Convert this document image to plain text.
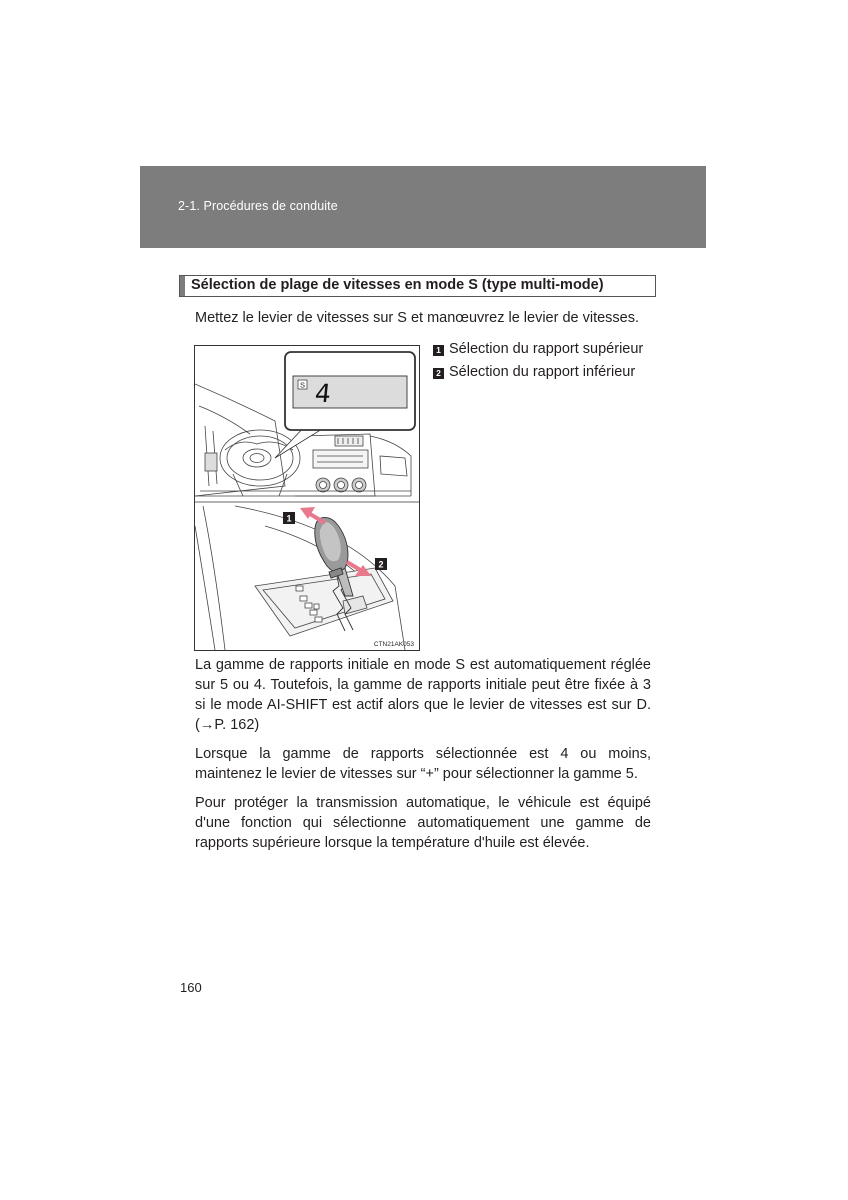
2-1. Procédures de conduite
Sélection de plage de vitesses en mode S (type multi-mode)
Mettez le levier de vitesses sur S et manœuvrez le levier de vitesses.
S 4
1
2
CTN21AK053
1 Sélection du rapport supérieur
2 Sélection du rapport inférieur
La gamme de rapports initiale en mode S est automatiquement réglée sur 5 ou 4. Toutefois, la gamme de rapports initiale peut être fixée à 3 si le mode AI-SHIFT est actif alors que le levier de vitesses est sur D. (→P. 162)
Lorsque la gamme de rapports sélectionnée est 4 ou moins, maintenez le levier de vitesses sur “+” pour sélectionner la gamme 5.
Pour protéger la transmission automatique, le véhicule est équipé d'une fonction qui sélectionne automatiquement une gamme de rapports supérieure lorsque la température d'huile est élevée.
160
